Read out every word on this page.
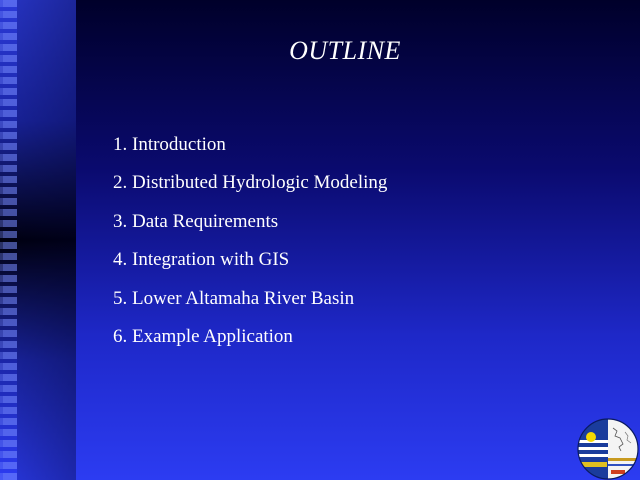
OUTLINE
1. Introduction
2. Distributed Hydrologic Modeling
3. Data Requirements
4. Integration with GIS
5. Lower Altamaha River Basin
6. Example Application
